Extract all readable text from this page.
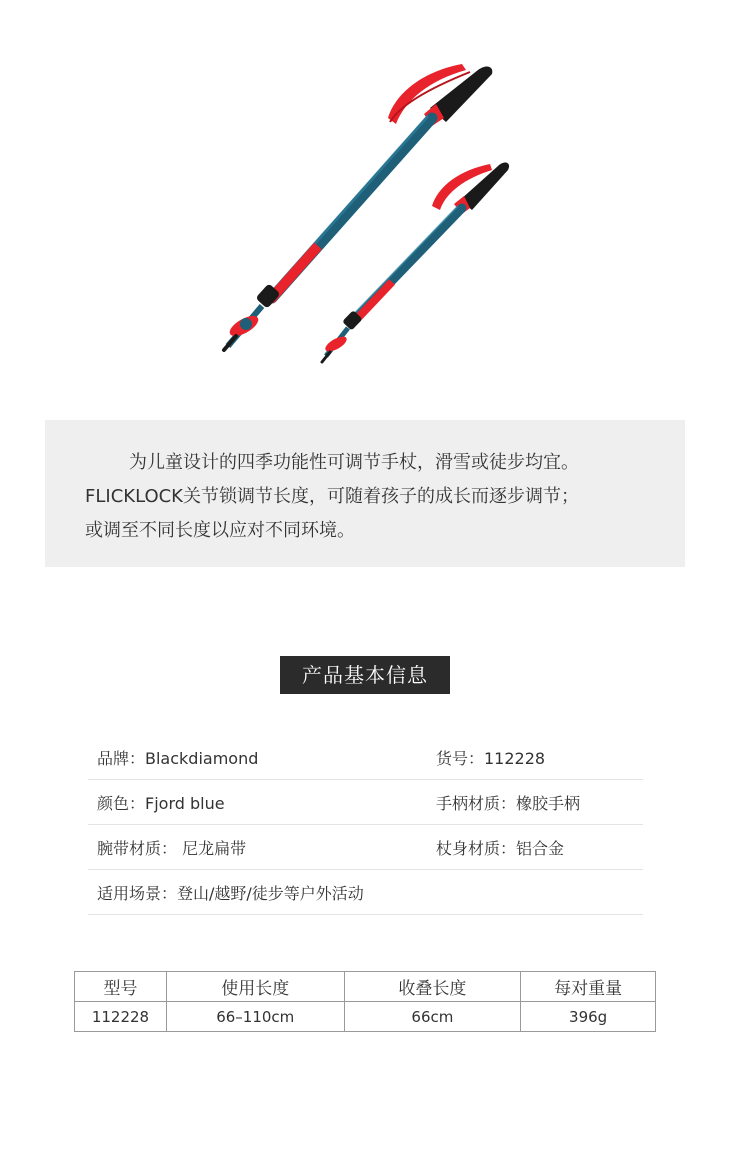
为儿童设计的四季功能性可调节手杖，滑雪或徒步均宜。

FLICKLOCK关节锁调节长度，可随着孩子的成长而逐步调节；

或调至不同长度以应对不同环境。

产品基本信息
品牌：Blackdiamond	货号：112228
颜色：Fjord blue	手柄材质：橡胶手柄
腕带材质： 尼龙扁带	杖身材质：铝合金
适用场景：登山/越野/徒步等户外活动
型号	使用长度	收叠长度	每对重量
112228	66–110cm	66cm	396g
